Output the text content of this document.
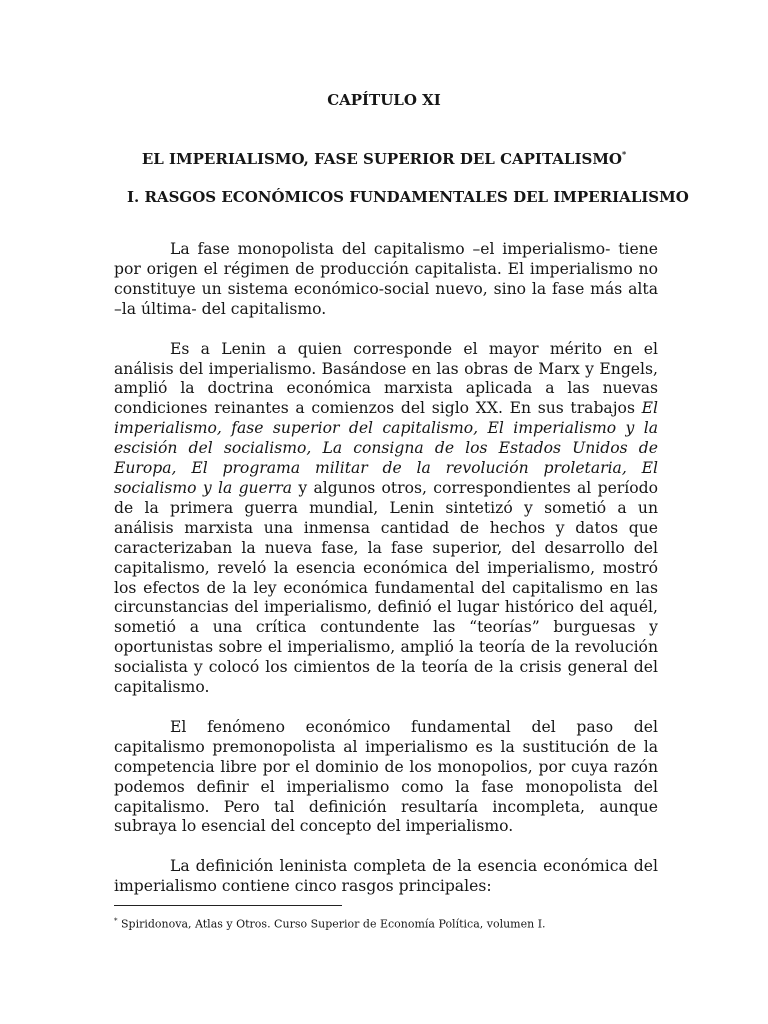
CAPÍTULO XI
EL IMPERIALISMO, FASE SUPERIOR DEL CAPITALISMO*
I. RASGOS ECONÓMICOS FUNDAMENTALES DEL IMPERIALISMO

La fase monopolista del capitalismo –el imperialismo- tiene por origen el régimen de producción capitalista. El imperialismo no constituye un sistema económico-social nuevo, sino la fase más alta –la última- del capitalismo.

Es a Lenin a quien corresponde el mayor mérito en el análisis del imperialismo. Basándose en las obras de Marx y Engels, amplió la doctrina económica marxista aplicada a las nuevas condiciones reinantes a comienzos del siglo XX. En sus trabajos El imperialismo, fase superior del capitalismo, El imperialismo y la escisión del socialismo, La consigna de los Estados Unidos de Europa, El programa militar de la revolución proletaria, El socialismo y la guerra y algunos otros, correspondientes al período de la primera guerra mundial, Lenin sintetizó y sometió a un análisis marxista una inmensa cantidad de hechos y datos que caracterizaban la nueva fase, la fase superior, del desarrollo del capitalismo, reveló la esencia económica del imperialismo, mostró los efectos de la ley económica fundamental del capitalismo en las circunstancias del imperialismo, definió el lugar histórico del aquél, sometió a una crítica contundente las “teorías” burguesas y oportunistas sobre el imperialismo, amplió la teoría de la revolución socialista y colocó los cimientos de la teoría de la crisis general del capitalismo.

El fenómeno económico fundamental del paso del capitalismo premonopolista al imperialismo es la sustitución de la competencia libre por el dominio de los monopolios, por cuya razón podemos definir el imperialismo como la fase monopolista del capitalismo. Pero tal definición resultaría incompleta, aunque subraya lo esencial del concepto del imperialismo.

La definición leninista completa de la esencia económica del imperialismo contiene cinco rasgos principales:

* Spiridonova, Atlas y Otros. Curso Superior de Economía Política, volumen I.
